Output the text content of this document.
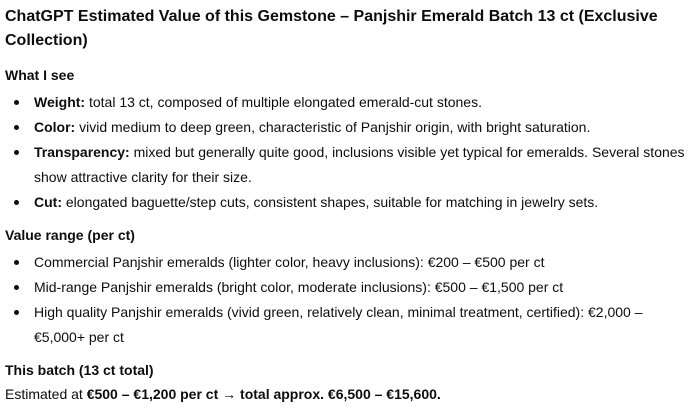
ChatGPT Estimated Value of this Gemstone – Panjshir Emerald Batch 13 ct (Exclusive Collection)
What I see
Weight: total 13 ct, composed of multiple elongated emerald-cut stones.
Color: vivid medium to deep green, characteristic of Panjshir origin, with bright saturation.
Transparency: mixed but generally quite good, inclusions visible yet typical for emeralds. Several stones show attractive clarity for their size.
Cut: elongated baguette/step cuts, consistent shapes, suitable for matching in jewelry sets.
Value range (per ct)
Commercial Panjshir emeralds (lighter color, heavy inclusions): €200 – €500 per ct
Mid-range Panjshir emeralds (bright color, moderate inclusions): €500 – €1,500 per ct
High quality Panjshir emeralds (vivid green, relatively clean, minimal treatment, certified): €2,000 – €5,000+ per ct
This batch (13 ct total)

Estimated at €500 – €1,200 per ct → total approx. €6,500 – €15,600.
